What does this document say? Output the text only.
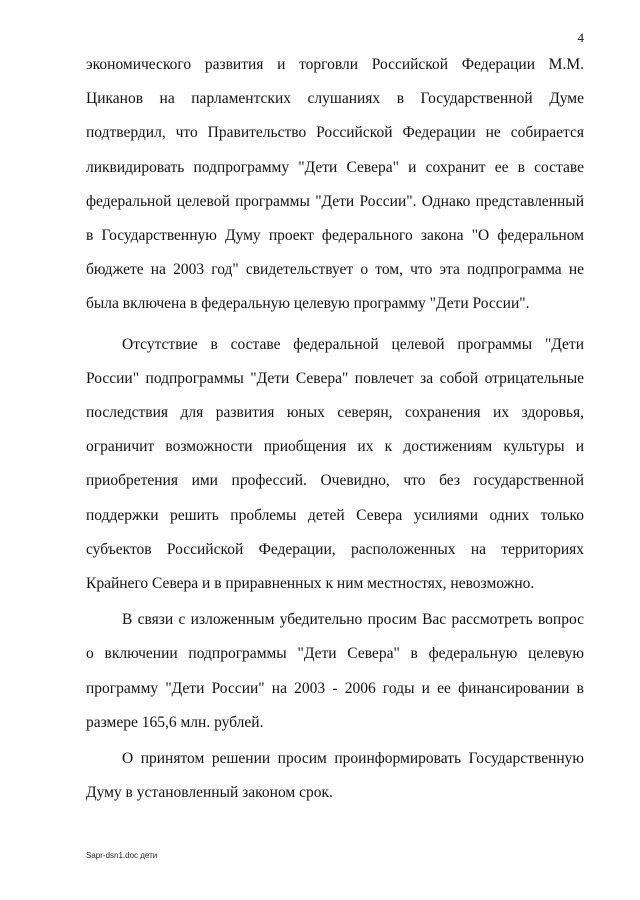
4

экономического развития и торговли Российской Федерации М.М. Циканов на парламентских слушаниях в Государственной Думе подтвердил, что Правительство Российской Федерации не собирается ликвидировать подпрограмму "Дети Севера" и сохранит ее в составе федеральной целевой программы "Дети России". Однако представленный в Государственную Думу проект федерального закона "О федеральном бюджете на 2003 год" свидетельствует о том, что эта подпрограмма не была включена в федеральную целевую программу "Дети России".

Отсутствие в составе федеральной целевой программы "Дети России" подпрограммы "Дети Севера" повлечет за собой отрицательные последствия для развития юных северян, сохранения их здоровья, ограничит возможности приобщения их к достижениям культуры и приобретения ими профессий. Очевидно, что без государственной поддержки решить проблемы детей Севера усилиями одних только субъектов Российской Федерации, расположенных на территориях Крайнего Севера и в приравненных к ним местностях, невозможно.

В связи с изложенным убедительно просим Вас рассмотреть вопрос о включении подпрограммы "Дети Севера" в федеральную целевую программу "Дети России" на 2003 - 2006 годы и ее финансировании в размере 165,6 млн. рублей.

О принятом решении просим проинформировать Государственную Думу в установленный законом срок.

Sapr-dsn1.doc дети
